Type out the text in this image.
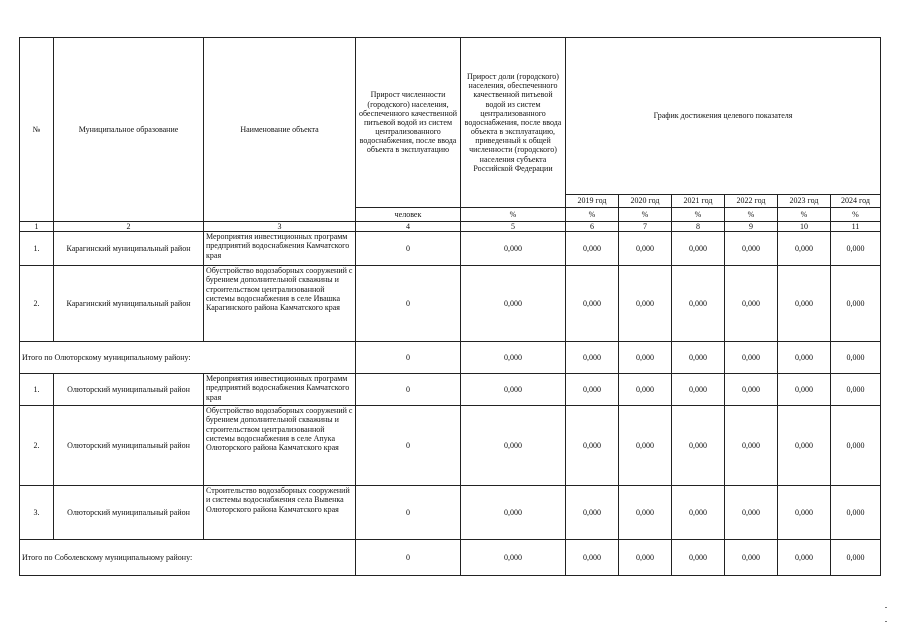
№	Муниципальное образование	Наименование объекта	Прирост численности (городского) населения, обеспеченного качественной питьевой водой из систем централизованного водоснабжения, после ввода объекта в эксплуатацию	Прирост доли (городского) населения, обеспеченного качественной питьевой водой из систем централизованного водоснабжения, после ввода объекта в эксплуатацию, приведенный к общей численности (городского) населения субъекта Российской Федерации	График достижения целевого показателя					
					2019 год	2020 год	2021 год	2022 год	2023 год	2024 год
			человек	%	%	%	%	%	%	%
1	2	3	4	5	6	7	8	9	10	11
1.	Карагинский муниципальный район	Мероприятия инвестиционных программ предприятий водоснабжения Камчатского края	0	0,000	0,000	0,000	0,000	0,000	0,000	0,000
2.	Карагинский муниципальный район	Обустройство водозаборных сооружений с бурением дополнительной скважины и строительством централизованной системы водоснабжения в селе Ивашка Карагинского района Камчатского края	0	0,000	0,000	0,000	0,000	0,000	0,000	0,000
Итого по Олюторскому муниципальному району:			0	0,000	0,000	0,000	0,000	0,000	0,000	0,000
1.	Олюторский муниципальный район	Мероприятия инвестиционных программ предприятий водоснабжения Камчатского края	0	0,000	0,000	0,000	0,000	0,000	0,000	0,000
2.	Олюторский муниципальный район	Обустройство водозаборных сооружений с бурением дополнительной скважины и строительством централизованной системы водоснабжения в селе Апука Олюторского района Камчатского края	0	0,000	0,000	0,000	0,000	0,000	0,000	0,000
3.	Олюторский муниципальный район	Строительство водозаборных сооружений и системы водоснабжения села Вывенка Олюторского района Камчатского края	0	0,000	0,000	0,000	0,000	0,000	0,000	0,000
Итого по Соболевскому муниципальному району:			0	0,000	0,000	0,000	0,000	0,000	0,000	0,000
